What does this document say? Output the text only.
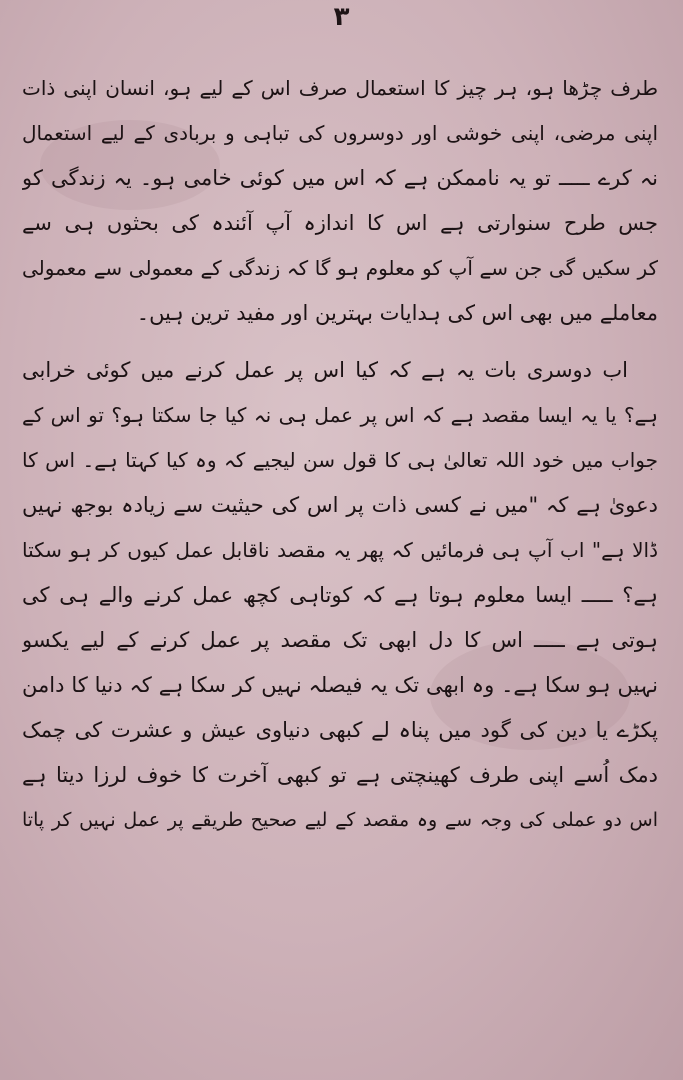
٣
طرف چڑھا ہو، ہر چیز کا استعمال صرف اس کے لیے ہو، انسان اپنی ذات
اپنی مرضی، اپنی خوشی اور دوسروں کی تباہی و بربادی کے لیے استعمال
نہ کرے ـــــ تو یہ ناممکن ہے کہ اس میں کوئی خامی ہو۔ یہ زندگی کو
جس طرح سنوارتی ہے اس کا اندازہ آپ آئندہ کی بحثوں ہی سے
کر سکیں گی جن سے آپ کو معلوم ہو گا کہ زندگی کے معمولی سے معمولی
معاملے میں بھی اس کی ہدایات بہترین اور مفید ترین ہیں۔
اب دوسری بات یہ ہے کہ کیا اس پر عمل کرنے میں کوئی خرابی
ہے؟ یا یہ ایسا مقصد ہے کہ اس پر عمل ہی نہ کیا جا سکتا ہو؟ تو اس کے
جواب میں خود اللہ تعالیٰ ہی کا قول سن لیجیے کہ وہ کیا کہتا ہے۔ اس کا
دعویٰ ہے کہ "میں نے کسی ذات پر اس کی حیثیت سے زیادہ بوجھ نہیں
ڈالا ہے" اب آپ ہی فرمائیں کہ پھر یہ مقصد ناقابل عمل کیوں کر ہو سکتا
ہے؟ ـــــ ایسا معلوم ہوتا ہے کہ کوتاہی کچھ عمل کرنے والے ہی کی
ہوتی ہے ـــــ اس کا دل ابھی تک مقصد پر عمل کرنے کے لیے یکسو
نہیں ہو سکا ہے۔ وہ ابھی تک یہ فیصلہ نہیں کر سکا ہے کہ دنیا کا دامن
پکڑے یا دین کی گود میں پناہ لے کبھی دنیاوی عیش و عشرت کی چمک
دمک اُسے اپنی طرف کھینچتی ہے تو کبھی آخرت کا خوف لرزا دیتا ہے
اس دو عملی کی وجہ سے وہ مقصد کے لیے صحیح طریقے پر عمل نہیں کر پاتا
